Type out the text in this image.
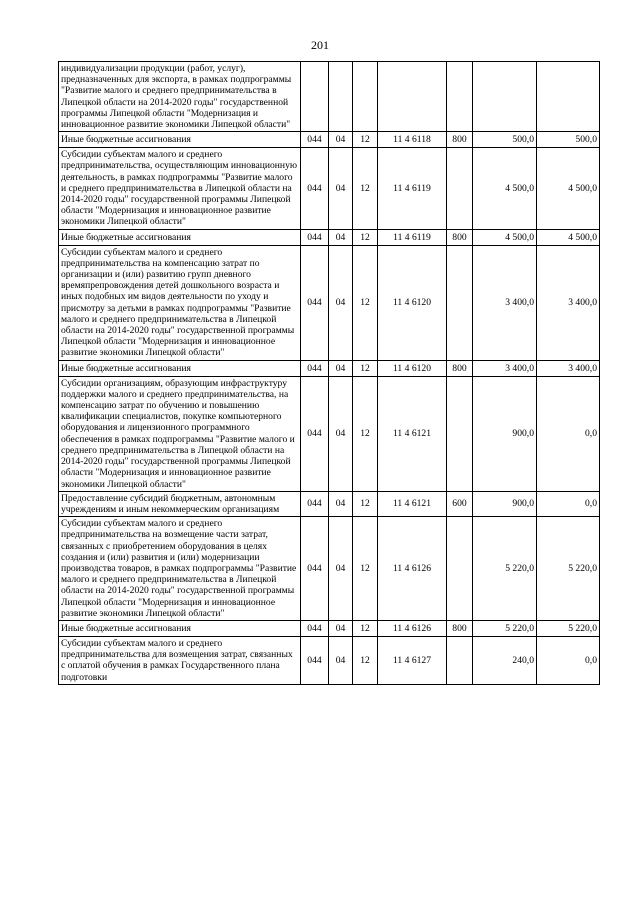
201
индивидуализации продукции (работ, услуг), предназначенных для экспорта, в рамках подпрограммы "Развитие малого и среднего предпринимательства в Липецкой области на 2014-2020 годы" государственной программы Липецкой области "Модернизация и инновационное развитие экономики Липецкой области"							
Иные бюджетные ассигнования	044	04	12	11 4 6118	800	500,0	500,0
Субсидии субъектам малого и среднего предпринимательства, осуществляющим инновационную деятельность, в рамках подпрограммы "Развитие малого и среднего предпринимательства в Липецкой области на 2014-2020 годы" государственной программы Липецкой области "Модернизация и инновационное развитие экономики Липецкой области"	044	04	12	11 4 6119		4 500,0	4 500,0
Иные бюджетные ассигнования	044	04	12	11 4 6119	800	4 500,0	4 500,0
Субсидии субъектам малого и среднего предпринимательства на компенсацию затрат по организации и (или) развитию групп дневного времяпрепровождения детей дошкольного возраста и иных подобных им видов деятельности по уходу и присмотру за детьми в рамках подпрограммы "Развитие малого и среднего предпринимательства в Липецкой области на 2014-2020 годы" государственной программы Липецкой области "Модернизация и инновационное развитие экономики Липецкой области"	044	04	12	11 4 6120		3 400,0	3 400,0
Иные бюджетные ассигнования	044	04	12	11 4 6120	800	3 400,0	3 400,0
Субсидии организациям, образующим инфраструктуру поддержки малого и среднего предпринимательства, на компенсацию затрат по обучению и повышению квалификации специалистов, покупке компьютерного оборудования и лицензионного программного обеспечения в рамках подпрограммы "Развитие малого и среднего предпринимательства в Липецкой области на 2014-2020 годы" государственной программы Липецкой области "Модернизация и инновационное развитие экономики Липецкой области"	044	04	12	11 4 6121		900,0	0,0
Предоставление субсидий бюджетным, автономным учреждениям и иным некоммерческим организациям	044	04	12	11 4 6121	600	900,0	0,0
Субсидии субъектам малого и среднего предпринимательства на возмещение части затрат, связанных с приобретением оборудования в целях создания и (или) развития и (или) модернизации производства товаров, в рамках подпрограммы "Развитие малого и среднего предпринимательства в Липецкой области на 2014-2020 годы" государственной программы Липецкой области "Модернизация и инновационное развитие экономики Липецкой области"	044	04	12	11 4 6126		5 220,0	5 220,0
Иные бюджетные ассигнования	044	04	12	11 4 6126	800	5 220,0	5 220,0
Субсидии субъектам малого и среднего предпринимательства для возмещения затрат, связанных с оплатой обучения в рамках Государственного плана подготовки	044	04	12	11 4 6127		240,0	0,0
